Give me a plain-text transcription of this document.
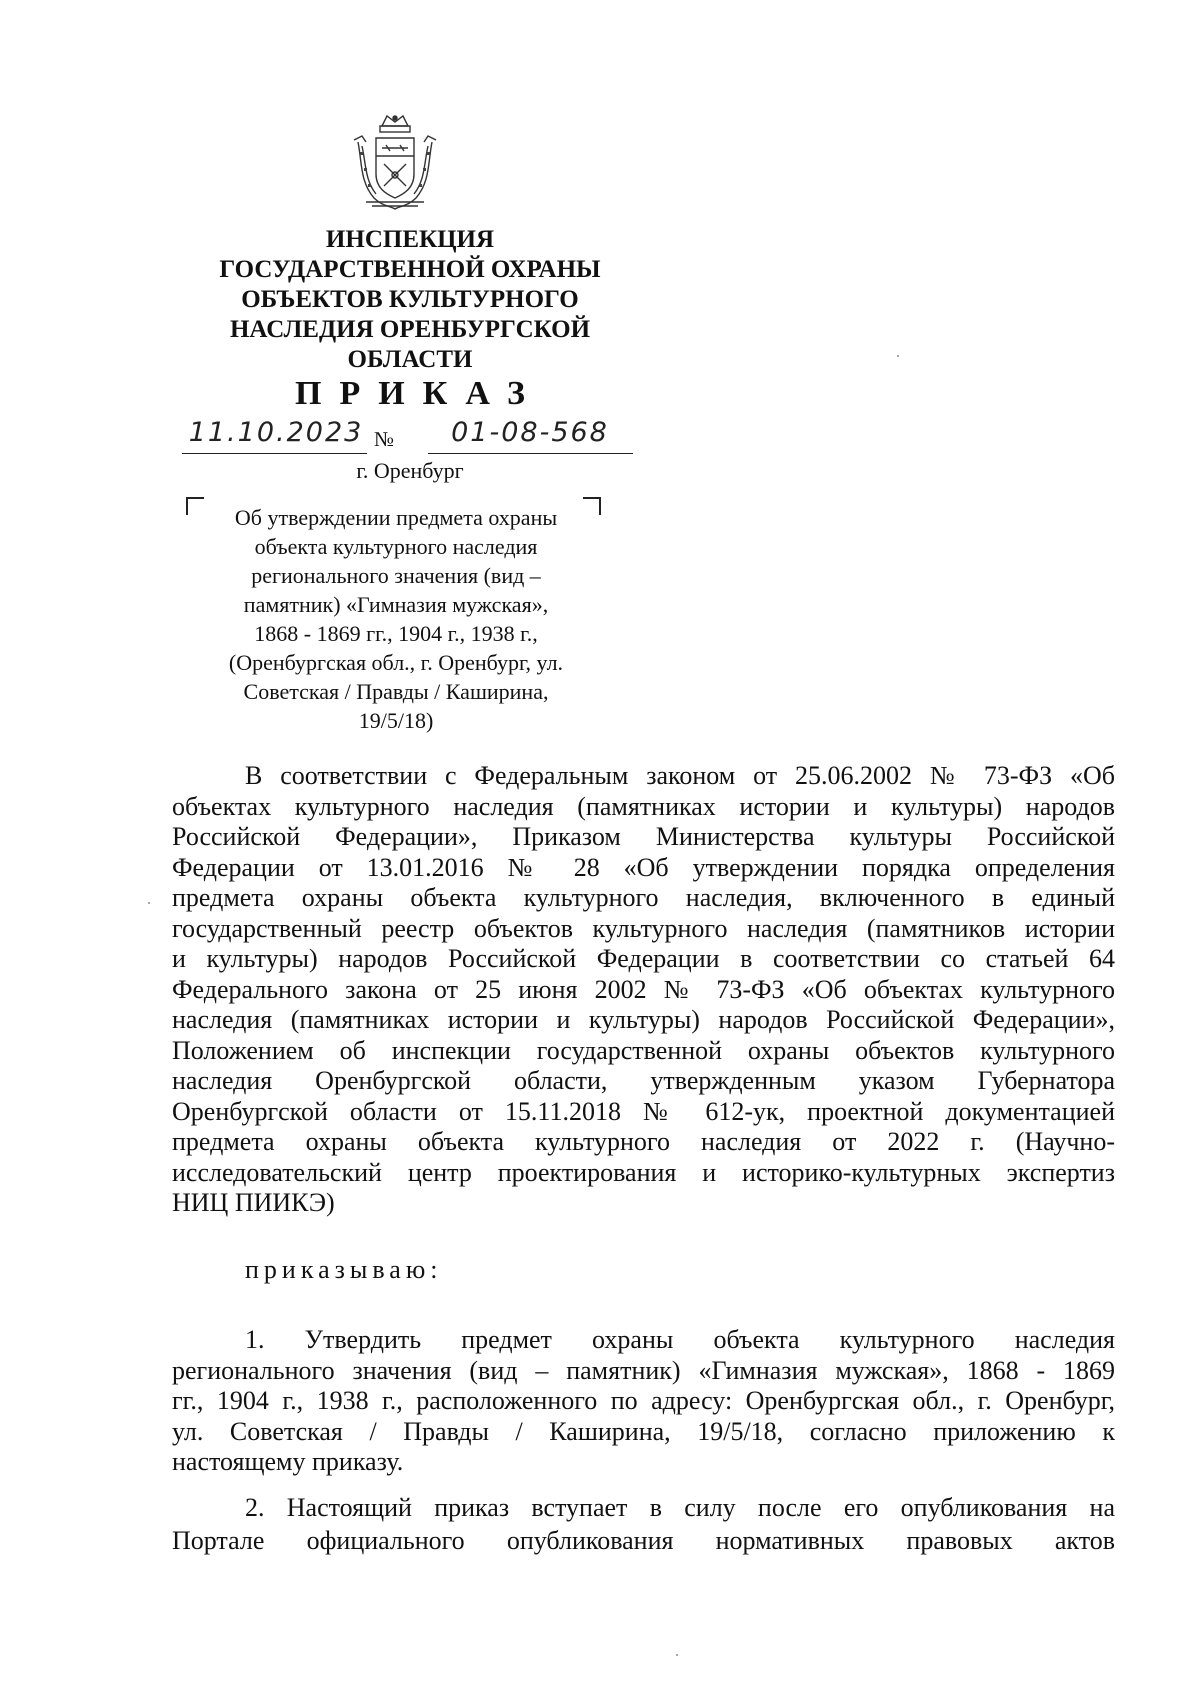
ИНСПЕКЦИЯ
ГОСУДАРСТВЕННОЙ ОХРАНЫ
ОБЪЕКТОВ КУЛЬТУРНОГО
НАСЛЕДИЯ ОРЕНБУРГСКОЙ
ОБЛАСТИ
ПРИКАЗ
11.10.2023 №	01-08-568
г. Оренбург
Об утверждении предмета охраны
объекта культурного наследия
регионального значения (вид –
памятник) «Гимназия мужская»,
1868 - 1869 гг., 1904 г., 1938 г.,
(Оренбургская обл., г. Оренбург, ул.
Советская / Правды / Каширина,
19/5/18)
В соответствии с Федеральным законом от 25.06.2002 № 73-ФЗ «Об
объектах культурного наследия (памятниках истории и культуры) народов
Российской Федерации», Приказом Министерства культуры Российской
Федерации от 13.01.2016 № 28 «Об утверждении порядка определения
предмета охраны объекта культурного наследия, включенного в единый
государственный реестр объектов культурного наследия (памятников истории
и культуры) народов Российской Федерации в соответствии со статьей 64
Федерального закона от 25 июня 2002 № 73-ФЗ «Об объектах культурного
наследия (памятниках истории и культуры) народов Российской Федерации»,
Положением об инспекции государственной охраны объектов культурного
наследия Оренбургской области, утвержденным указом Губернатора
Оренбургской области от 15.11.2018 № 612-ук, проектной документацией
предмета охраны объекта культурного наследия от 2022 г. (Научно-
исследовательский центр проектирования и историко-культурных экспертиз
НИЦ ПИИКЭ)
приказываю:
1. Утвердить предмет охраны объекта культурного наследия
регионального значения (вид – памятник) «Гимназия мужская», 1868 - 1869
гг., 1904 г., 1938 г., расположенного по адресу: Оренбургская обл., г. Оренбург,
ул. Советская / Правды / Каширина, 19/5/18, согласно приложению к
настоящему приказу.
2. Настоящий приказ вступает в силу после его опубликования на
Портале официального опубликования нормативных правовых актов
